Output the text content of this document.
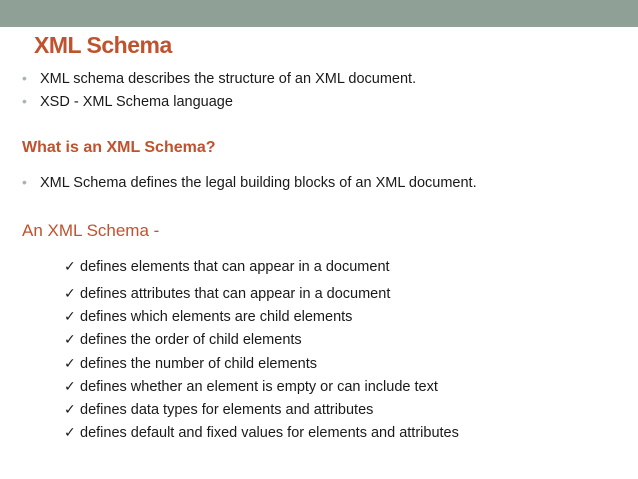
XML Schema
• XML schema describes the structure of an XML document.
• XSD - XML Schema language
What is an XML Schema?
• XML Schema defines the legal building blocks of an XML document.
An XML Schema -
✓ defines elements that can appear in a document
✓ defines attributes that can appear in a document
✓ defines which elements are child elements
✓ defines the order of child elements
✓ defines the number of child elements
✓ defines whether an element is empty or can include text
✓ defines data types for elements and attributes
✓ defines default and fixed values for elements and attributes
